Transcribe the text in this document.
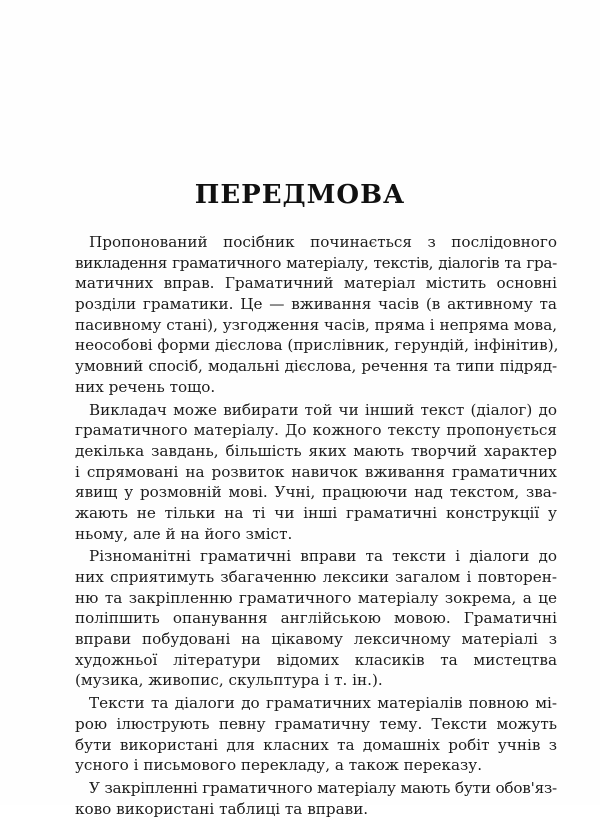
ПЕРЕДМОВА
Пропонований посібник починається з послідовного
викладення граматичного матеріалу, текстів, діалогів та гра-
матичних вправ. Граматичний матеріал містить основні
розділи граматики. Це — вживання часів (в активному та
пасивному стані), узгодження часів, пряма і непряма мова,
неособові форми дієслова (прислівник, герундій, інфінітив),
умовний спосіб, модальні дієслова, речення та типи підряд-
них речень тощо.
Викладач може вибирати той чи інший текст (діалог) до
граматичного матеріалу. До кожного тексту пропонується
декілька завдань, більшість яких мають творчий характер
і спрямовані на розвиток навичок вживання граматичних
явищ у розмовній мові. Учні, працюючи над текстом, зва-
жають не тільки на ті чи інші граматичні конструкції у
ньому, але й на його зміст.
Різноманітні граматичні вправи та тексти і діалоги до
них сприятимуть збагаченню лексики загалом і повторен-
ню та закріпленню граматичного матеріалу зокрема, а це
поліпшить опанування англійською мовою. Граматичні
вправи побудовані на цікавому лексичному матеріалі з
художньої літератури відомих класиків та мистецтва
(музика, живопис, скульптура і т. ін.).
Тексти та діалоги до граматичних матеріалів повною мі-
рою ілюструють певну граматичну тему. Тексти можуть
бути використані для класних та домашніх робіт учнів з
усного і письмового перекладу, а також переказу.
У закріпленні граматичного матеріалу мають бути обов'яз-
ково використані таблиці та вправи.
